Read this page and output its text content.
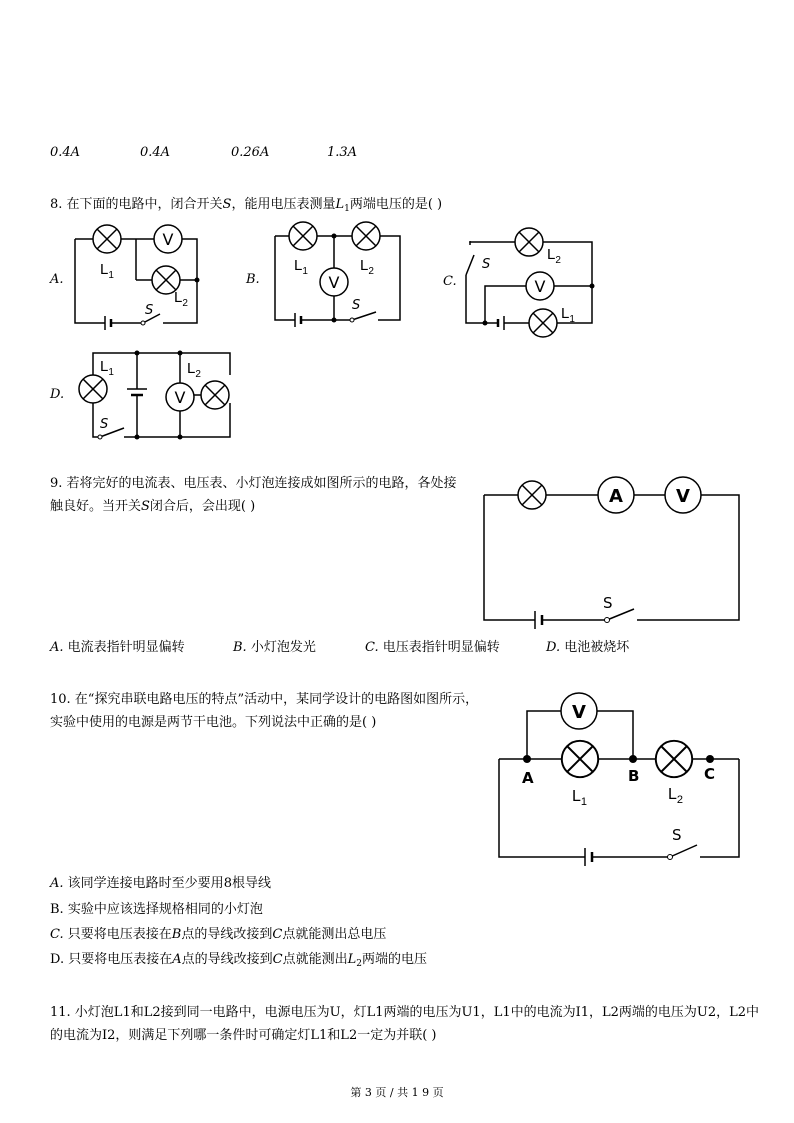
0.4A	0.4A	0.26A	1.3A
8. 在下面的电路中，闭合开关S，能用电压表测量$L_1$两端电压的是( )
A.	B.	C.
D.
V
$L_1$
$L_2$
S
V
$L_1$	$L_2$
S
V
$L_2$
$L_1$
S
V
$L_1$	$L_2$
S
A	V
S
V
A	B	C
$L_1$	$L_2$
S
9. 若将完好的电流表、电压表、小灯泡连接成如图所示的电路，各处接
触良好。当开关S闭合后，会出现( )
A. 电流表指针明显偏转	B. 小灯泡发光	C. 电压表指针明显偏转	D. 电池被烧坏
10. 在“探究串联电路电压的特点”活动中，某同学设计的电路图如图所示，
实验中使用的电源是两节干电池。下列说法中正确的是( )
A. 该同学连接电路时至少要用8根导线
B. 实验中应该选择规格相同的小灯泡
C. 只要将电压表接在B点的导线改接到C点就能测出总电压
D. 只要将电压表接在A点的导线改接到C点就能测出$L_2$两端的电压
11. 小灯泡L1和L2接到同一电路中，电源电压为U，灯L1两端的电压为U1，L1中的电流为I1，L2两端的电压为U2，L2中
的电流为I2，则满足下列哪一条件时可确定灯L1和L2一定为并联( )
第 3 页 / 共 1 9 页
